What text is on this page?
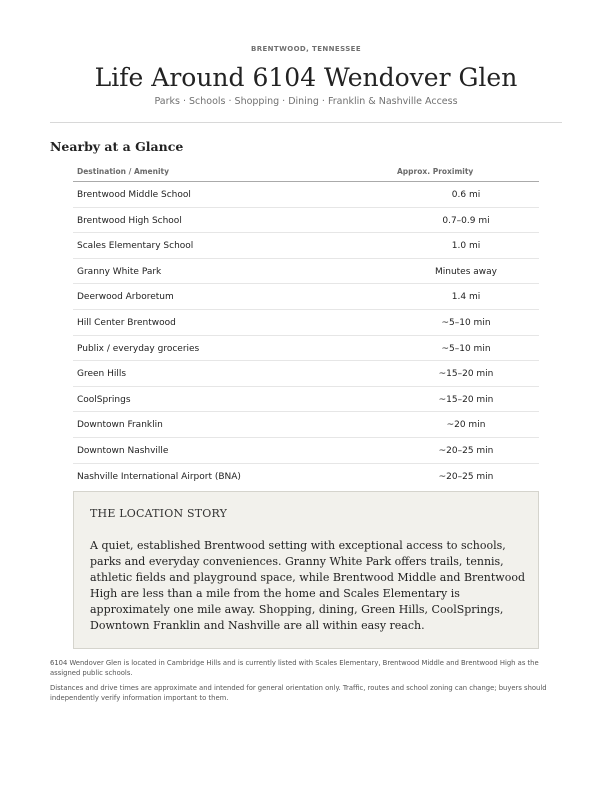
BRENTWOOD, TENNESSEE
Life Around 6104 Wendover Glen
Parks · Schools · Shopping · Dining · Franklin & Nashville Access
Nearby at a Glance
Destination / Amenity	Approx. Proximity
Brentwood Middle School	0.6 mi
Brentwood High School	0.7–0.9 mi
Scales Elementary School	1.0 mi
Granny White Park	Minutes away
Deerwood Arboretum	1.4 mi
Hill Center Brentwood	~5–10 min
Publix / everyday groceries	~5–10 min
Green Hills	~15–20 min
CoolSprings	~15–20 min
Downtown Franklin	~20 min
Downtown Nashville	~20–25 min
Nashville International Airport (BNA)	~20–25 min
THE LOCATION STORY
A quiet, established Brentwood setting with exceptional access to schools, parks and everyday conveniences. Granny White Park offers trails, tennis, athletic fields and playground space, while Brentwood Middle and Brentwood High are less than a mile from the home and Scales Elementary is approximately one mile away. Shopping, dining, Green Hills, CoolSprings, Downtown Franklin and Nashville are all within easy reach.
6104 Wendover Glen is located in Cambridge Hills and is currently listed with Scales Elementary, Brentwood Middle and Brentwood High as the assigned public schools.
Distances and drive times are approximate and intended for general orientation only. Traffic, routes and school zoning can change; buyers should independently verify information important to them.
